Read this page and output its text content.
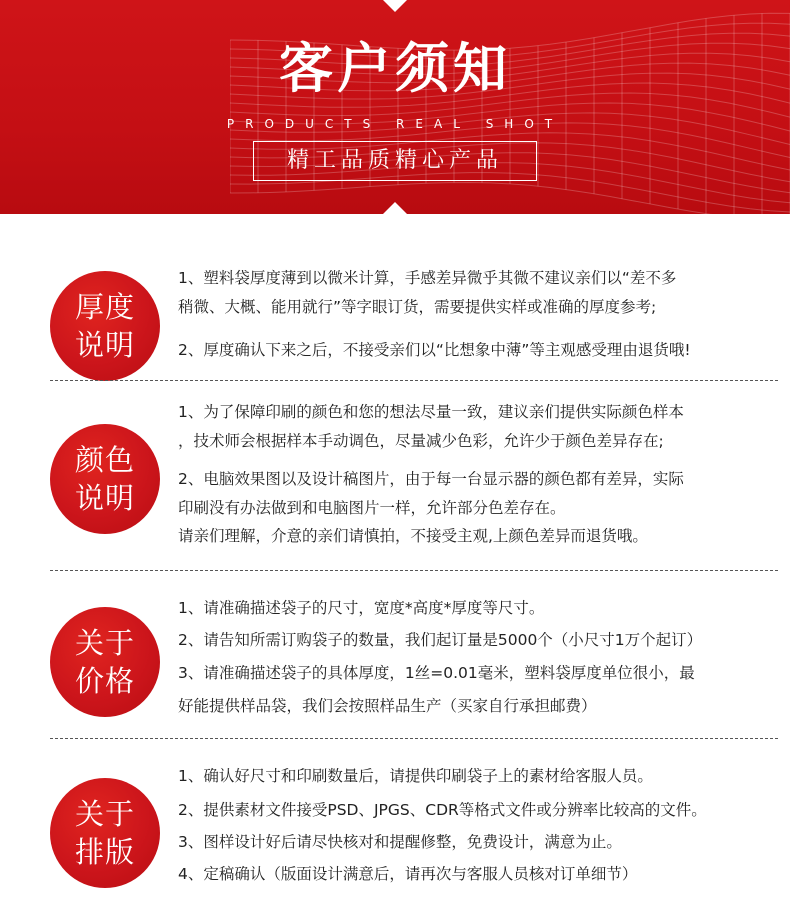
客户须知
PRODUCTS REAL SHOT
精工品质精心产品
厚度
说明
1、塑料袋厚度薄到以微米计算，手感差异微乎其微不建议亲们以“差不多
稍微、大概、能用就行”等字眼订货，需要提供实样或准确的厚度参考;
2、厚度确认下来之后，不接受亲们以“比想象中薄”等主观感受理由退货哦!
颜色
说明
1、为了保障印刷的颜色和您的想法尽量一致，建议亲们提供实际颜色样本
，技术师会根据样本手动调色，尽量减少色彩，允许少于颜色差异存在;
2、电脑效果图以及设计稿图片，由于每一台显示器的颜色都有差异，实际
印刷没有办法做到和电脑图片一样，允许部分色差存在。
请亲们理解，介意的亲们请慎拍，不接受主观,上颜色差异而退货哦。
关于
价格
1、请准确描述袋子的尺寸，宽度*高度*厚度等尺寸。
2、请告知所需订购袋子的数量，我们起订量是5000个（小尺寸1万个起订）
3、请准确描述袋子的具体厚度，1丝=0.01毫米，塑料袋厚度单位很小，最
好能提供样品袋，我们会按照样品生产（买家自行承担邮费）
关于
排版
1、确认好尺寸和印刷数量后，请提供印刷袋子上的素材给客服人员。
2、提供素材文件接受PSD、JPGS、CDR等格式文件或分辨率比较高的文件。
3、图样设计好后请尽快核对和提醒修整，免费设计，满意为止。
4、定稿确认（版面设计满意后，请再次与客服人员核对订单细节）
